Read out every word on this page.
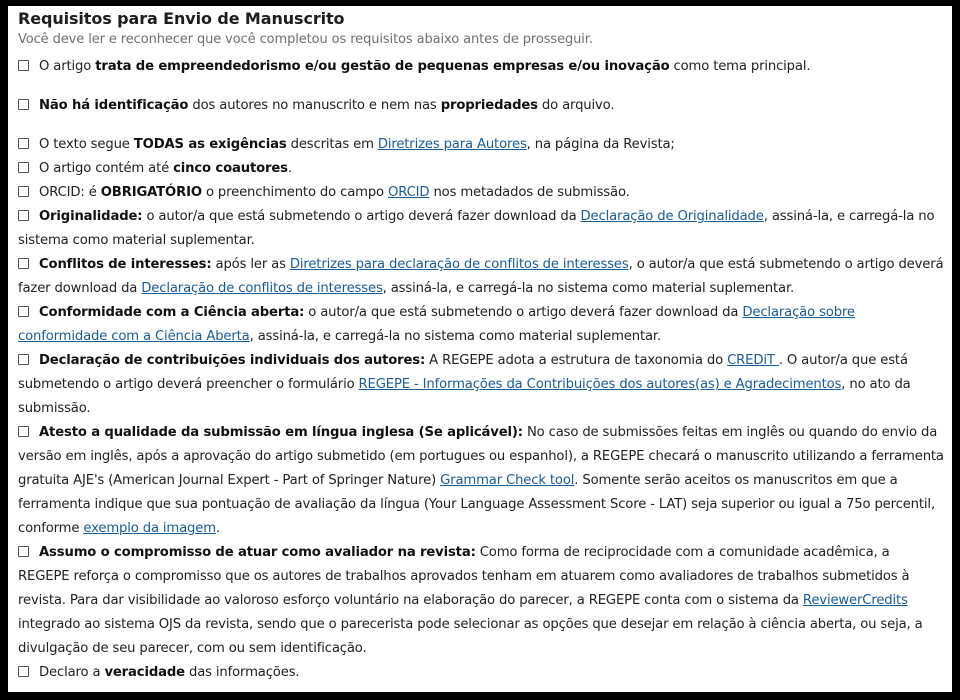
Requisitos para Envio de Manuscrito

Você deve ler e reconhecer que você completou os requisitos abaixo antes de prosseguir.

O artigo trata de empreendedorismo e/ou gestão de pequenas empresas e/ou inovação como tema principal.
Não há identificação dos autores no manuscrito e nem nas propriedades do arquivo.
O texto segue TODAS as exigências descritas em Diretrizes para Autores, na página da Revista;
O artigo contém até cinco coautores.
ORCID: é OBRIGATÓRIO o preenchimento do campo ORCID nos metadados de submissão.
Originalidade: o autor/a que está submetendo o artigo deverá fazer download da Declaração de Originalidade, assiná-la, e carregá-la no sistema como material suplementar.
Conflitos de interesses: após ler as Diretrizes para declaração de conflitos de interesses, o autor/a que está submetendo o artigo deverá fazer download da Declaração de conflitos de interesses, assiná-la, e carregá-la no sistema como material suplementar.
Conformidade com a Ciência aberta: o autor/a que está submetendo o artigo deverá fazer download da Declaração sobre conformidade com a Ciência Aberta, assiná-la, e carregá-la no sistema como material suplementar.
Declaração de contribuições individuais dos autores: A REGEPE adota a estrutura de taxonomia do CREDiT . O autor/a que está submetendo o artigo deverá preencher o formulário REGEPE - Informações da Contribuições dos autores(as) e Agradecimentos, no ato da submissão.
Atesto a qualidade da submissão em língua inglesa (Se aplicável): No caso de submissões feitas em inglês ou quando do envio da versão em inglês, após a aprovação do artigo submetido (em portugues ou espanhol), a REGEPE checará o manuscrito utilizando a ferramenta gratuita AJE's (American Journal Expert - Part of Springer Nature) Grammar Check tool. Somente serão aceitos os manuscritos em que a ferramenta indique que sua pontuação de avaliação da língua (Your Language Assessment Score - LAT) seja superior ou igual a 75o percentil, conforme exemplo da imagem.
Assumo o compromisso de atuar como avaliador na revista: Como forma de reciprocidade com a comunidade acadêmica, a REGEPE reforça o compromisso que os autores de trabalhos aprovados tenham em atuarem como avaliadores de trabalhos submetidos à revista. Para dar visibilidade ao valoroso esforço voluntário na elaboração do parecer, a REGEPE conta com o sistema da ReviewerCredits integrado ao sistema OJS da revista, sendo que o parecerista pode selecionar as opções que desejar em relação à ciência aberta, ou seja, a divulgação de seu parecer, com ou sem identificação.
Declaro a veracidade das informações.
